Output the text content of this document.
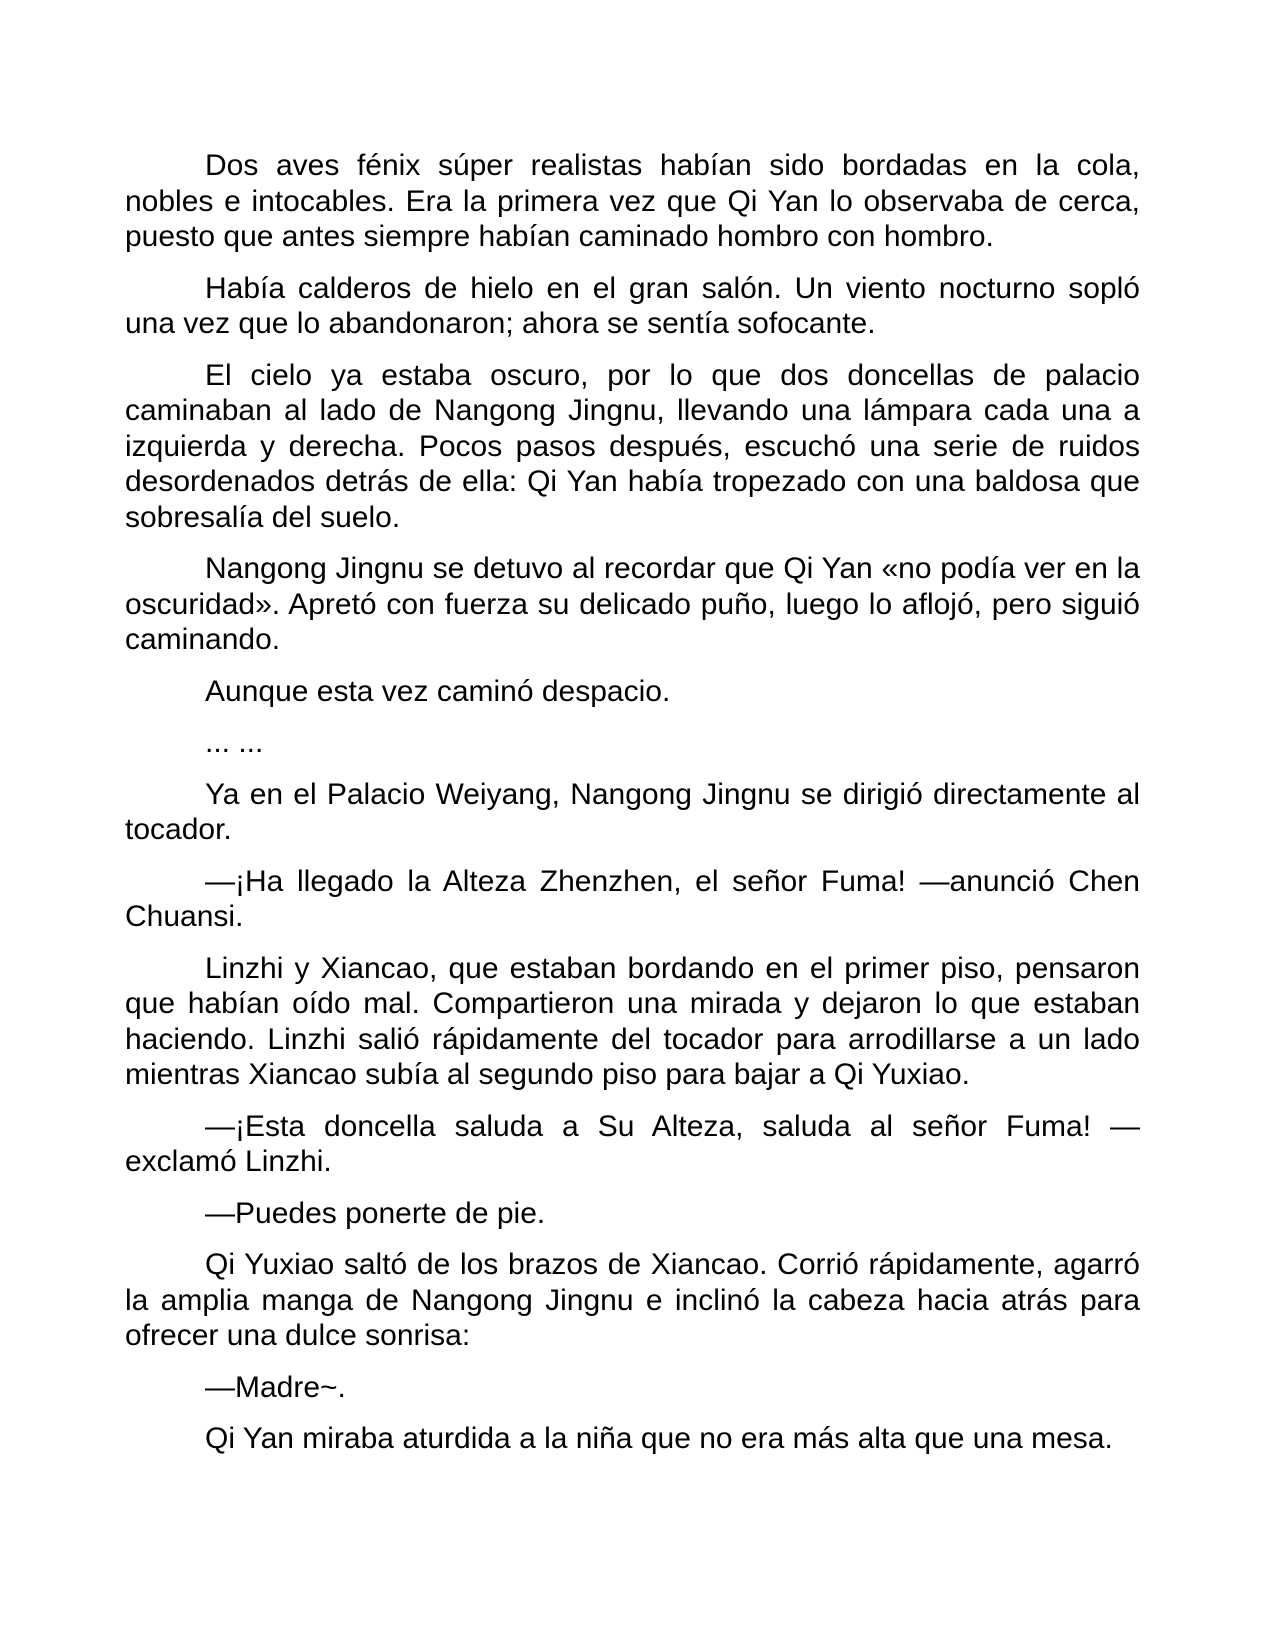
Dos aves fénix súper realistas habían sido bordadas en la cola, nobles e intocables. Era la primera vez que Qi Yan lo observaba de cerca, puesto que antes siempre habían caminado hombro con hombro.

Había calderos de hielo en el gran salón. Un viento nocturno sopló una vez que lo abandonaron; ahora se sentía sofocante.

El cielo ya estaba oscuro, por lo que dos doncellas de palacio caminaban al lado de Nangong Jingnu, llevando una lámpara cada una a izquierda y derecha. Pocos pasos después, escuchó una serie de ruidos desordenados detrás de ella: Qi Yan había tropezado con una baldosa que sobresalía del suelo.

Nangong Jingnu se detuvo al recordar que Qi Yan «no podía ver en la oscuridad». Apretó con fuerza su delicado puño, luego lo aflojó, pero siguió caminando.

Aunque esta vez caminó despacio.

... ...

Ya en el Palacio Weiyang, Nangong Jingnu se dirigió directamente al tocador.

—¡Ha llegado la Alteza Zhenzhen, el señor Fuma! —anunció Chen Chuansi.

Linzhi y Xiancao, que estaban bordando en el primer piso, pensaron que habían oído mal. Compartieron una mirada y dejaron lo que estaban haciendo. Linzhi salió rápidamente del tocador para arrodillarse a un lado mientras Xiancao subía al segundo piso para bajar a Qi Yuxiao.

—¡Esta doncella saluda a Su Alteza, saluda al señor Fuma! —exclamó Linzhi.

—Puedes ponerte de pie.

Qi Yuxiao saltó de los brazos de Xiancao. Corrió rápidamente, agarró la amplia manga de Nangong Jingnu e inclinó la cabeza hacia atrás para ofrecer una dulce sonrisa:

—Madre~.

Qi Yan miraba aturdida a la niña que no era más alta que una mesa.
